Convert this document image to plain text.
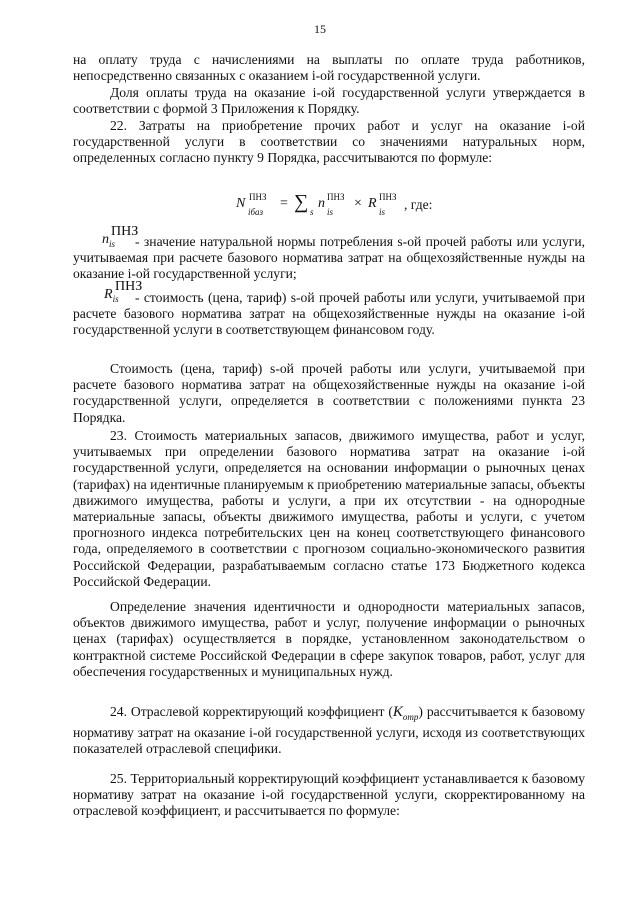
15

на оплату труда с начислениями на выплаты по оплате труда работников, непосредственно связанных с оказанием i-ой государственной услуги.

Доля оплаты труда на оказание i-ой государственной услуги утверждается в соответствии с формой 3 Приложения к Порядку.

22. Затраты на приобретение прочих работ и услуг на оказание i-ой государственной услуги в соответствии со значениями натуральных норм, определенных согласно пункту 9 Порядка, рассчитываются по формуле:

N ПНЗ
iбаз
= ∑ s
n ПНЗ
is
× R ПНЗ
is , где:
$n_{is}$
ПНЗ

- значение натуральной нормы потребления s-ой прочей работы или услуги, учитываемая при расчете базового норматива затрат на общехозяйственные нужды на оказание i-ой государственной услуги;

$R_{is}$
ПНЗ

- стоимость (цена, тариф) s-ой прочей работы или услуги, учитываемой при расчете базового норматива затрат на общехозяйственные нужды на оказание i-ой государственной услуги в соответствующем финансовом году.

Стоимость (цена, тариф) s-ой прочей работы или услуги, учитываемой при расчете базового норматива затрат на общехозяйственные нужды на оказание i-ой государственной услуги, определяется в соответствии с положениями пункта 23 Порядка.

23. Стоимость материальных запасов, движимого имущества, работ и услуг, учитываемых при определении базового норматива затрат на оказание i-ой государственной услуги, определяется на основании информации о рыночных ценах (тарифах) на идентичные планируемым к приобретению материальные запасы, объекты движимого имущества, работы и услуги, а при их отсутствии - на однородные материальные запасы, объекты движимого имущества, работы и услуги, с учетом прогнозного индекса потребительских цен на конец соответствующего финансового года, определяемого в соответствии с прогнозом социально-экономического развития Российской Федерации, разрабатываемым согласно статье 173 Бюджетного кодекса Российской Федерации.

Определение значения идентичности и однородности материальных запасов, объектов движимого имущества, работ и услуг, получение информации о рыночных ценах (тарифах) осуществляется в порядке, установленном законодательством о контрактной системе Российской Федерации в сфере закупок товаров, работ, услуг для обеспечения государственных и муниципальных нужд.

24. Отраслевой корректирующий коэффициент $(K_{отр})$ рассчитывается к базовому нормативу затрат на оказание i-ой государственной услуги, исходя из соответствующих показателей отраслевой специфики.

25. Территориальный корректирующий коэффициент устанавливается к базовому нормативу затрат на оказание i-ой государственной услуги, скорректированному на отраслевой коэффициент, и рассчитывается по формуле:
